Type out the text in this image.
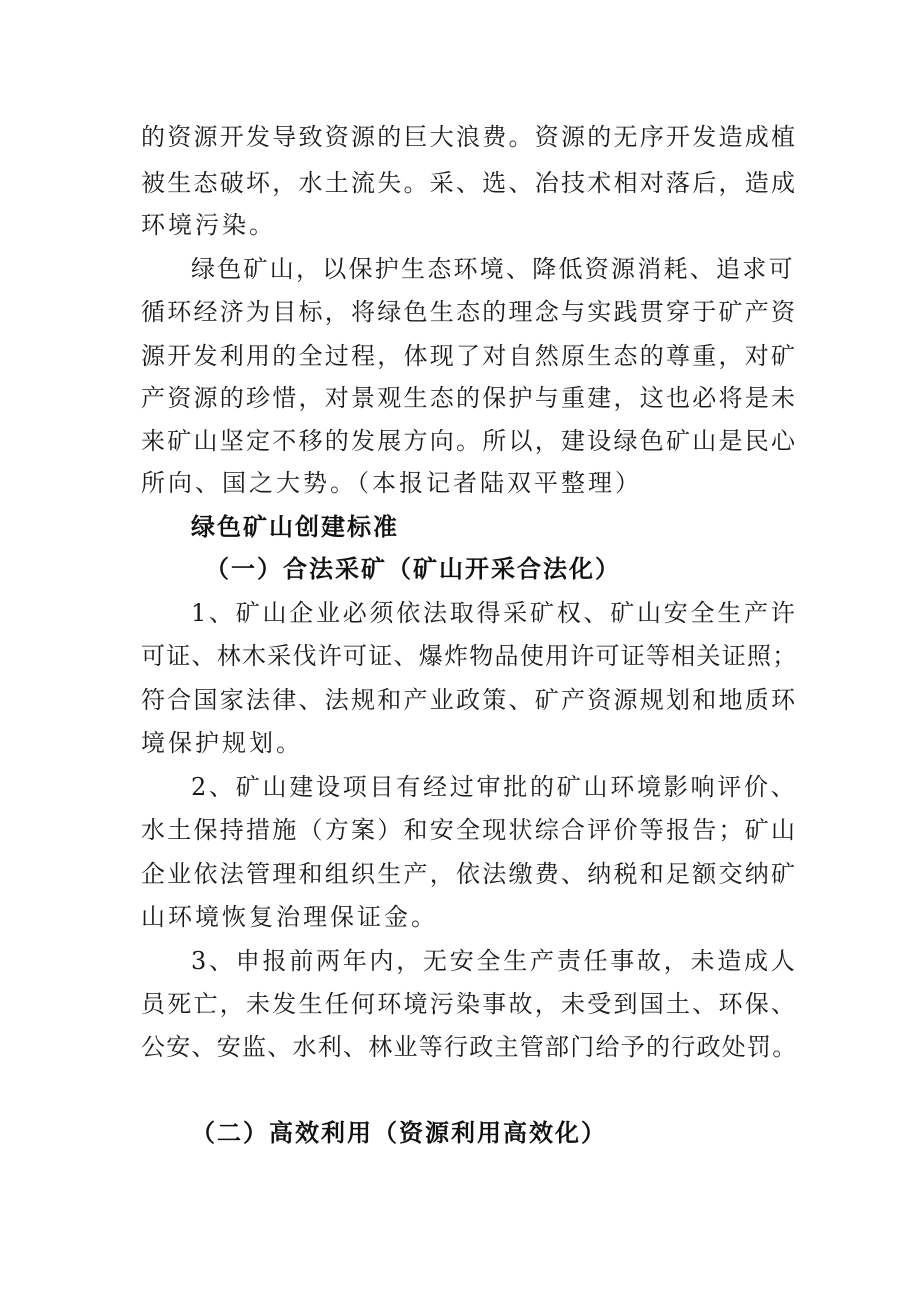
的资源开发导致资源的巨大浪费。资源的无序开发造成植
被生态破坏，水土流失。采、选、冶技术相对落后，造成
环境污染。
绿色矿山，以保护生态环境、降低资源消耗、追求可
循环经济为目标，将绿色生态的理念与实践贯穿于矿产资
源开发利用的全过程，体现了对自然原生态的尊重，对矿
产资源的珍惜，对景观生态的保护与重建，这也必将是未
来矿山坚定不移的发展方向。所以，建设绿色矿山是民心
所向、国之大势。（本报记者陆双平整理）
绿色矿山创建标准
（一）合法采矿（矿山开采合法化）
1、矿山企业必须依法取得采矿权、矿山安全生产许
可证、林木采伐许可证、爆炸物品使用许可证等相关证照；
符合国家法律、法规和产业政策、矿产资源规划和地质环
境保护规划。
2、矿山建设项目有经过审批的矿山环境影响评价、
水土保持措施（方案）和安全现状综合评价等报告；矿山
企业依法管理和组织生产，依法缴费、纳税和足额交纳矿
山环境恢复治理保证金。
3、申报前两年内，无安全生产责任事故，未造成人
员死亡，未发生任何环境污染事故，未受到国土、环保、
公安、安监、水利、林业等行政主管部门给予的行政处罚。
（二）高效利用（资源利用高效化）
